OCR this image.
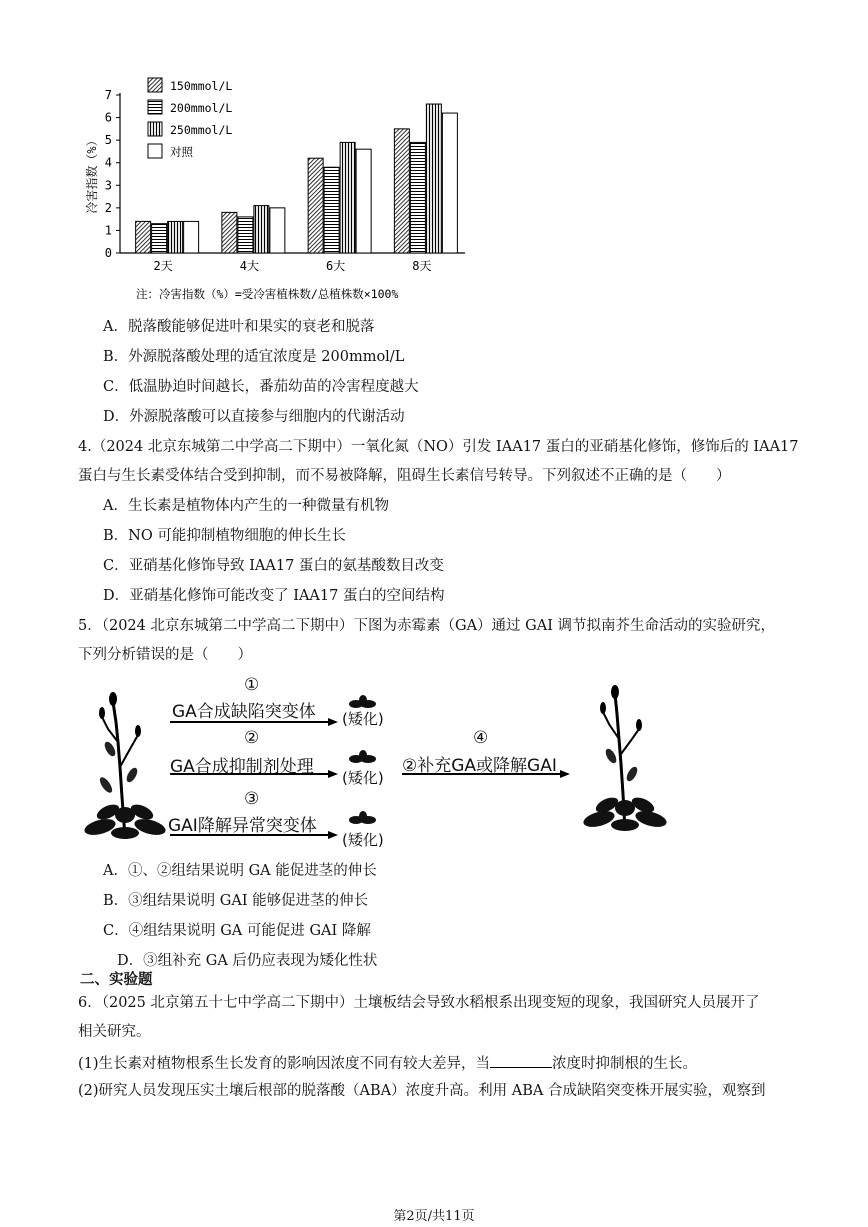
0
1
2
3
4
5
6
7
冷害指数（%）
2天	4大	6大	8天
150mmol/L
200mmol/L
250mmol/L
对照
注：冷害指数（%）=受冷害植株数/总植株数×100%
A．脱落酸能够促进叶和果实的衰老和脱落
B．外源脱落酸处理的适宜浓度是 200mmol/L
C．低温胁迫时间越长，番茄幼苗的冷害程度越大
D．外源脱落酸可以直接参与细胞内的代谢活动
4.（2024 北京东城第二中学高二下期中）一氧化氮（NO）引发 IAA17 蛋白的亚硝基化修饰，修饰后的 IAA17
蛋白与生长素受体结合受到抑制，而不易被降解，阻碍生长素信号转导。下列叙述不正确的是（　　）
A．生长素是植物体内产生的一种微量有机物
B．NO 可能抑制植物细胞的伸长生长
C．亚硝基化修饰导致 IAA17 蛋白的氨基酸数目改变
D．亚硝基化修饰可能改变了 IAA17 蛋白的空间结构
5．（2024 北京东城第二中学高二下期中）下图为赤霉素（GA）通过 GAI 调节拟南芥生命活动的实验研究，
下列分析错误的是（　　）
①
GA合成缺陷突变体 (矮化)
②
GA合成抑制剂处理
(矮化)
③
GAI降解异常突变体
(矮化)
④
②补充GA或降解GAI
A．①、②组结果说明 GA 能促进茎的伸长
B．③组结果说明 GAI 能够促进茎的伸长
C．④组结果说明 GA 可能促进 GAI 降解
D．③组补充 GA 后仍应表现为矮化性状
二、实验题
6．（2025 北京第五十七中学高二下期中）土壤板结会导致水稻根系出现变短的现象，我国研究人员展开了
相关研究。
(1)生长素对植物根系生长发育的影响因浓度不同有较大差异，当	浓度时抑制根的生长。
(2)研究人员发现压实土壤后根部的脱落酸（ABA）浓度升高。利用 ABA 合成缺陷突变株开展实验，观察到
第2页/共11页
